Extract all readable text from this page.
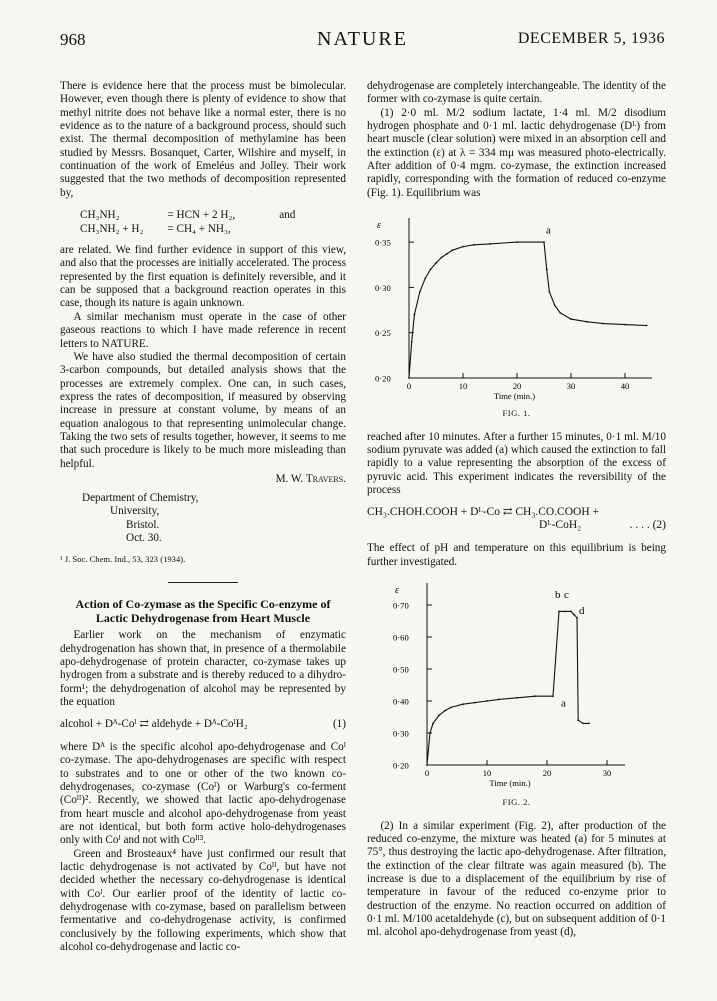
968	NATURE	DECEMBER 5, 1936

There is evidence here that the process must be bimolecular. However, even though there is plenty of evidence to show that methyl nitrite does not behave like a normal ester, there is no evidence as to the nature of a background process, should such exist. The thermal decomposition of methylamine has been studied by Messrs. Bosanquet, Carter, Wilshire and myself, in continuation of the work of Emeléus and Jolley. Their work suggested that the two methods of decomposition represented by,

CH₃NH₂	= HCN + 2 H₂,	and
CH₃NH₂ + H₂	= CH₄ + NH₃,	

are related. We find further evidence in support of this view, and also that the processes are initially accelerated. The process represented by the first equation is definitely reversible, and it can be supposed that a background reaction operates in this case, though its nature is again unknown.

A similar mechanism must operate in the case of other gaseous reactions to which I have made reference in recent letters to NATURE.

We have also studied the thermal decomposition of certain 3-carbon compounds, but detailed analysis shows that the processes are extremely complex. One can, in such cases, express the rates of decomposition, if measured by observing increase in pressure at constant volume, by means of an equation analogous to that representing unimolecular change. Taking the two sets of results together, however, it seems to me that such procedure is likely to be much more misleading than helpful.

M. W. Travers.
Department of Chemistry,
University,
Bristol.
Oct. 30.
¹ J. Soc. Chem. Ind., 53, 323 (1934).
Action of Co-zymase as the Specific Co-enzyme of Lactic Dehydrogenase from Heart Muscle

Earlier work on the mechanism of enzymatic dehydrogenation has shown that, in presence of a thermolabile apo-dehydrogenase of protein character, co-zymase takes up hydrogen from a substrate and is thereby reduced to a dihydro-form¹; the dehydrogenation of alcohol may be represented by the equation

alcohol + Dᴬ-Coᴵ ⇄ aldehyde + Dᴬ-CoᴵH₂	(1)

where Dᴬ is the specific alcohol apo-dehydrogenase and Coᴵ co-zymase. The apo-dehydrogenases are specific with respect to substrates and to one or other of the two known co-dehydrogenases, co-zymase (Coᴵ) or Warburg's co-ferment (Coᴵᴵ)². Recently, we showed that lactic apo-dehydrogenase from heart muscle and alcohol apo-dehydrogenase from yeast are not identical, but both form active holo-dehydrogenases only with Coᴵ and not with Coᴵᴵ³.

Green and Brosteaux⁴ have just confirmed our result that lactic dehydrogenase is not activated by Coᴵᴵ, but have not decided whether the necessary co-dehydrogenase is identical with Coᴵ. Our earlier proof of the identity of lactic co-dehydrogenase with co-zymase, based on parallelism between fermentative and co-dehydrogenase activity, is confirmed conclusively by the following experiments, which show that alcohol co-dehydrogenase and lactic co-

dehydrogenase are completely interchangeable. The identity of the former with co-zymase is quite certain.

(1) 2·0 ml. M/2 sodium lactate, 1·4 ml. M/2 disodium hydrogen phosphate and 0·1 ml. lactic dehydrogenase (Dᴸ) from heart muscle (clear solution) were mixed in an absorption cell and the extinction (ε) at λ = 334 mμ was measured photo-electrically. After addition of 0·4 mgm. co-zymase, the extinction increased rapidly, corresponding with the formation of reduced co-enzyme (Fig. 1). Equilibrium was

ε
0·20
0·25
0·30
0·35
0	10	20	30	40
Time (min.)
a
FIG. 1.

reached after 10 minutes. After a further 15 minutes, 0·1 ml. M/10 sodium pyruvate was added (a) which caused the extinction to fall rapidly to a value representing the absorption of the excess of pyruvic acid. This experiment indicates the reversibility of the process

CH₃.CHOH.COOH + Dᴸ-Co ⇄ CH₃.CO.COOH +
Dᴸ-CoH₂	. . . . (2)

The effect of pH and temperature on this equilibrium is being further investigated.

ε
0·20
0·30
0·40
0·50
0·60
0·70
0	10	20	30
Time (min.)
a
b c
d
FIG. 2.

(2) In a similar experiment (Fig. 2), after production of the reduced co-enzyme, the mixture was heated (a) for 5 minutes at 75°, thus destroying the lactic apo-dehydrogenase. After filtration, the extinction of the clear filtrate was again measured (b). The increase is due to a displacement of the equilibrium by rise of temperature in favour of the reduced co-enzyme prior to destruction of the enzyme. No reaction occurred on addition of 0·1 ml. M/100 acetaldehyde (c), but on subsequent addition of 0·1 ml. alcohol apo-dehydrogenase from yeast (d),
